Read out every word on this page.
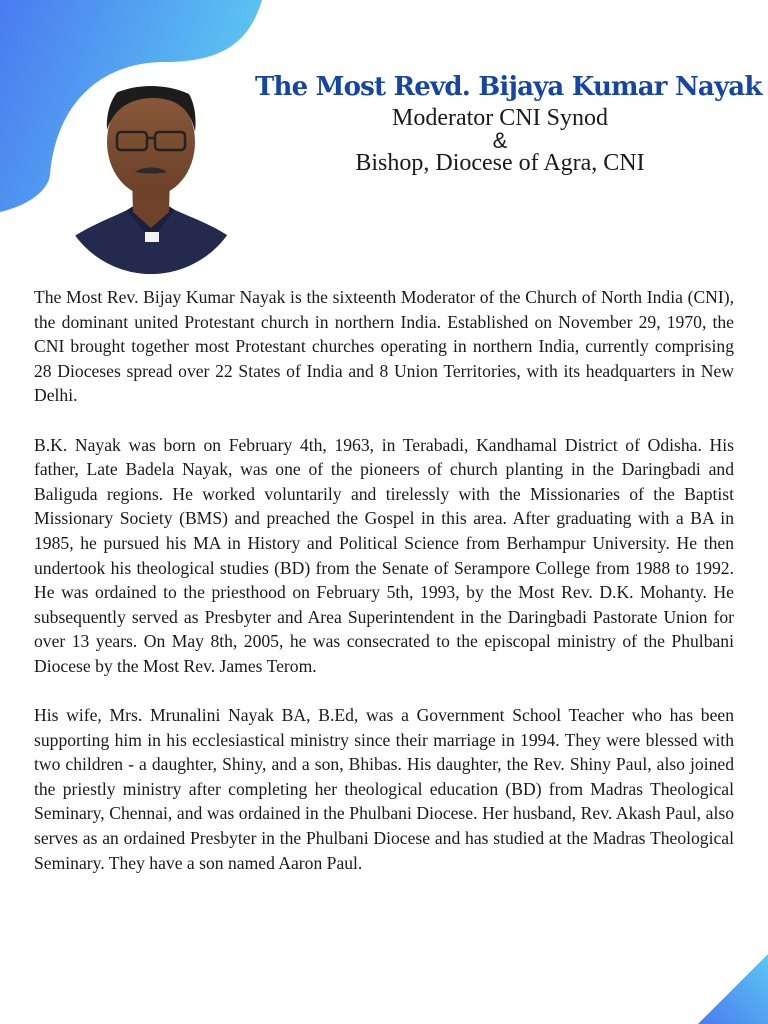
The Most Revd. Bijaya Kumar Nayak
Moderator CNI Synod
&
Bishop, Diocese of Agra, CNI

The Most Rev. Bijay Kumar Nayak is the sixteenth Moderator of the Church of North India (CNI), the dominant united Protestant church in northern India. Established on November 29, 1970, the CNI brought together most Protestant churches operating in northern India, currently comprising 28 Dioceses spread over 22 States of India and 8 Union Territories, with its headquarters in New Delhi.

B.K. Nayak was born on February 4th, 1963, in Terabadi, Kandhamal District of Odisha. His father, Late Badela Nayak, was one of the pioneers of church planting in the Daringbadi and Baliguda regions. He worked voluntarily and tirelessly with the Missionaries of the Baptist Missionary Society (BMS) and preached the Gospel in this area. After graduating with a BA in 1985, he pursued his MA in History and Political Science from Berhampur University. He then undertook his theological studies (BD) from the Senate of Serampore College from 1988 to 1992. He was ordained to the priesthood on February 5th, 1993, by the Most Rev. D.K. Mohanty. He subsequently served as Presbyter and Area Superintendent in the Daringbadi Pastorate Union for over 13 years. On May 8th, 2005, he was consecrated to the episcopal ministry of the Phulbani Diocese by the Most Rev. James Terom.

His wife, Mrs. Mrunalini Nayak BA, B.Ed, was a Government School Teacher who has been supporting him in his ecclesiastical ministry since their marriage in 1994. They were blessed with two children - a daughter, Shiny, and a son, Bhibas. His daughter, the Rev. Shiny Paul, also joined the priestly ministry after completing her theological education (BD) from Madras Theological Seminary, Chennai, and was ordained in the Phulbani Diocese. Her husband, Rev. Akash Paul, also serves as an ordained Presbyter in the Phulbani Diocese and has studied at the Madras Theological Seminary. They have a son named Aaron Paul.
